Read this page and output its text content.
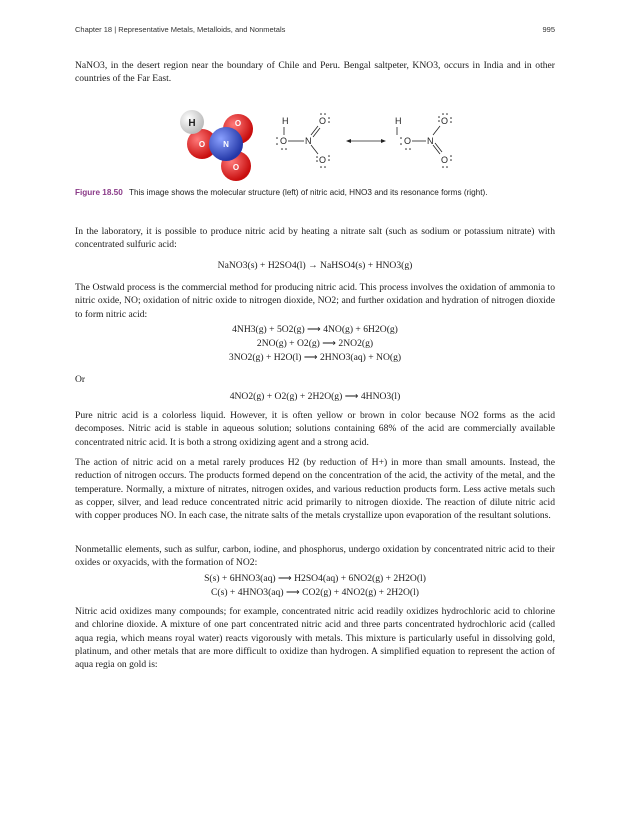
Chapter 18 | Representative Metals, Metalloids, and Nonmetals	995

NaNO3, in the desert region near the boundary of Chile and Peru. Bengal saltpeter, KNO3, occurs in India and in other countries of the Far East.

H	O
O N
O
H
O N
O
O
H
O N
O
O
Figure 18.50 This image shows the molecular structure (left) of nitric acid, HNO3 and its resonance forms (right).

In the laboratory, it is possible to produce nitric acid by heating a nitrate salt (such as sodium or potassium nitrate) with concentrated sulfuric acid:

NaNO3(s) + H2SO4(l) → NaHSO4(s) + HNO3(g)

The Ostwald process is the commercial method for producing nitric acid. This process involves the oxidation of ammonia to nitric oxide, NO; oxidation of nitric oxide to nitrogen dioxide, NO2; and further oxidation and hydration of nitrogen dioxide to form nitric acid:

4NH3(g) + 5O2(g) ⟶ 4NO(g) + 6H2O(g)
2NO(g) + O2(g) ⟶ 2NO2(g)
3NO2(g) + H2O(l) ⟶ 2HNO3(aq) + NO(g)

Or

4NO2(g) + O2(g) + 2H2O(g) ⟶ 4HNO3(l)

Pure nitric acid is a colorless liquid. However, it is often yellow or brown in color because NO2 forms as the acid decomposes. Nitric acid is stable in aqueous solution; solutions containing 68% of the acid are commercially available concentrated nitric acid. It is both a strong oxidizing agent and a strong acid.

The action of nitric acid on a metal rarely produces H2 (by reduction of H+) in more than small amounts. Instead, the reduction of nitrogen occurs. The products formed depend on the concentration of the acid, the activity of the metal, and the temperature. Normally, a mixture of nitrates, nitrogen oxides, and various reduction products form. Less active metals such as copper, silver, and lead reduce concentrated nitric acid primarily to nitrogen dioxide. The reaction of dilute nitric acid with copper produces NO. In each case, the nitrate salts of the metals crystallize upon evaporation of the resultant solutions.

Nonmetallic elements, such as sulfur, carbon, iodine, and phosphorus, undergo oxidation by concentrated nitric acid to their oxides or oxyacids, with the formation of NO2:

S(s) + 6HNO3(aq) ⟶ H2SO4(aq) + 6NO2(g) + 2H2O(l)
C(s) + 4HNO3(aq) ⟶ CO2(g) + 4NO2(g) + 2H2O(l)

Nitric acid oxidizes many compounds; for example, concentrated nitric acid readily oxidizes hydrochloric acid to chlorine and chlorine dioxide. A mixture of one part concentrated nitric acid and three parts concentrated hydrochloric acid (called aqua regia, which means royal water) reacts vigorously with metals. This mixture is particularly useful in dissolving gold, platinum, and other metals that are more difficult to oxidize than hydrogen. A simplified equation to represent the action of aqua regia on gold is:
